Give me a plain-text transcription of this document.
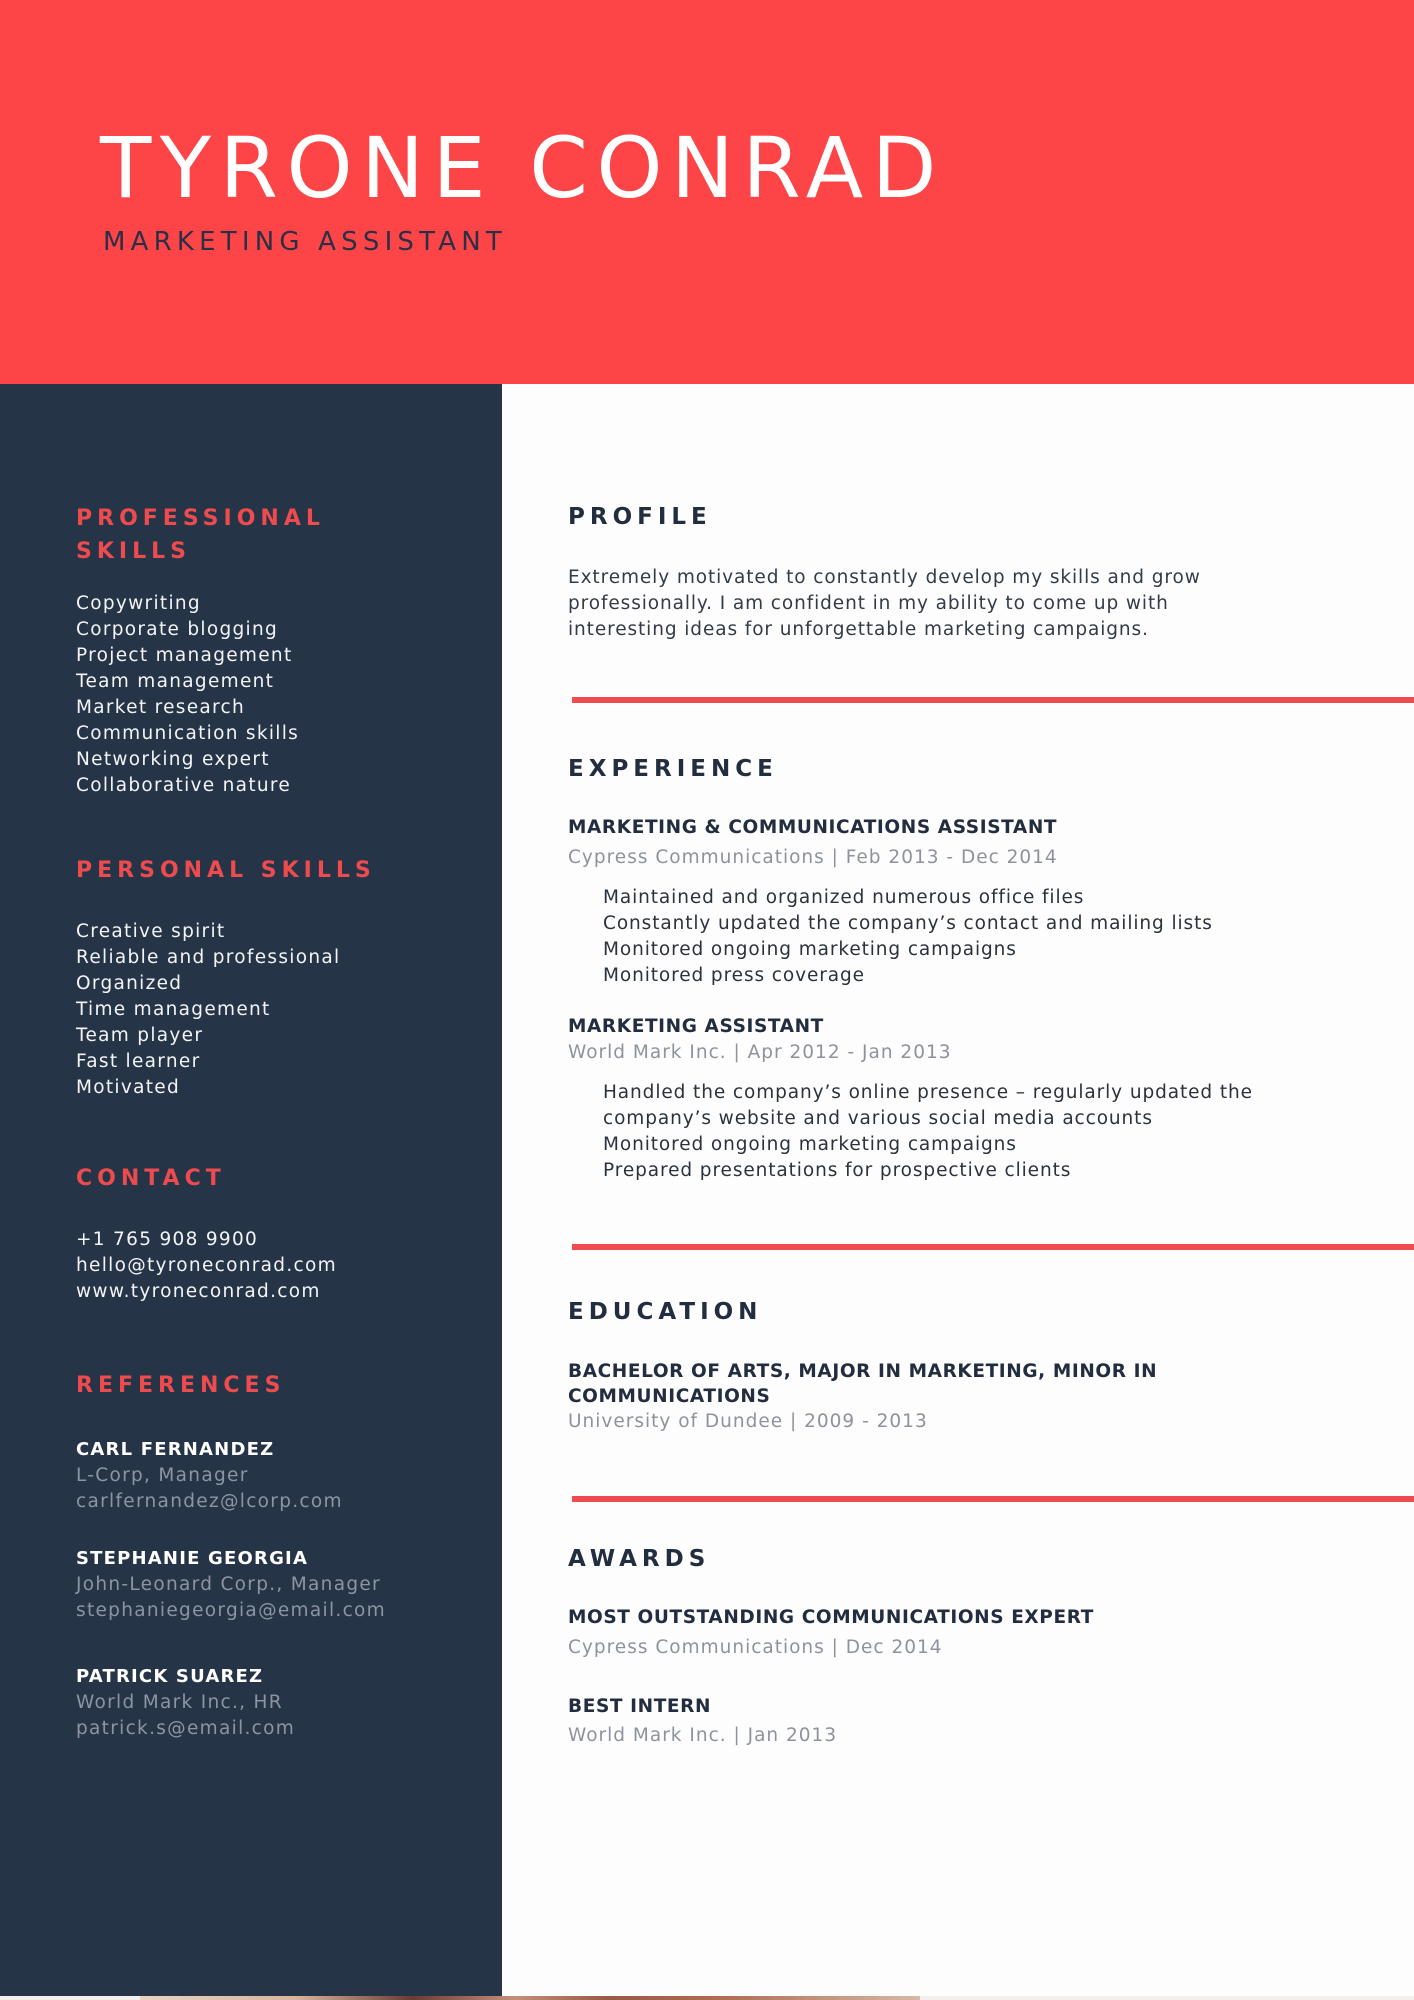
TYRONE CONRAD
MARKETING ASSISTANT
PROFESSIONAL
SKILLS
Copywriting
Corporate blogging
Project management
Team management
Market research
Communication skills
Networking expert
Collaborative nature
PERSONAL SKILLS
Creative spirit
Reliable and professional
Organized
Time management
Team player
Fast learner
Motivated
CONTACT
+1 765 908 9900
hello@tyroneconrad.com
www.tyroneconrad.com
REFERENCES
CARL FERNANDEZ
L-Corp, Manager
carlfernandez@lcorp.com
STEPHANIE GEORGIA
John-Leonard Corp., Manager
stephaniegeorgia@email.com
PATRICK SUAREZ
World Mark Inc., HR
patrick.s@email.com
PROFILE
Extremely motivated to constantly develop my skills and grow
professionally. I am confident in my ability to come up with
interesting ideas for unforgettable marketing campaigns.
EXPERIENCE
MARKETING & COMMUNICATIONS ASSISTANT
Cypress Communications | Feb 2013 - Dec 2014
Maintained and organized numerous office files
Constantly updated the company’s contact and mailing lists
Monitored ongoing marketing campaigns
Monitored press coverage
MARKETING ASSISTANT
World Mark Inc. | Apr 2012 - Jan 2013
Handled the company’s online presence – regularly updated the
company’s website and various social media accounts
Monitored ongoing marketing campaigns
Prepared presentations for prospective clients
EDUCATION
BACHELOR OF ARTS, MAJOR IN MARKETING, MINOR IN
COMMUNICATIONS
University of Dundee | 2009 - 2013
AWARDS
MOST OUTSTANDING COMMUNICATIONS EXPERT
Cypress Communications | Dec 2014
BEST INTERN
World Mark Inc. | Jan 2013
